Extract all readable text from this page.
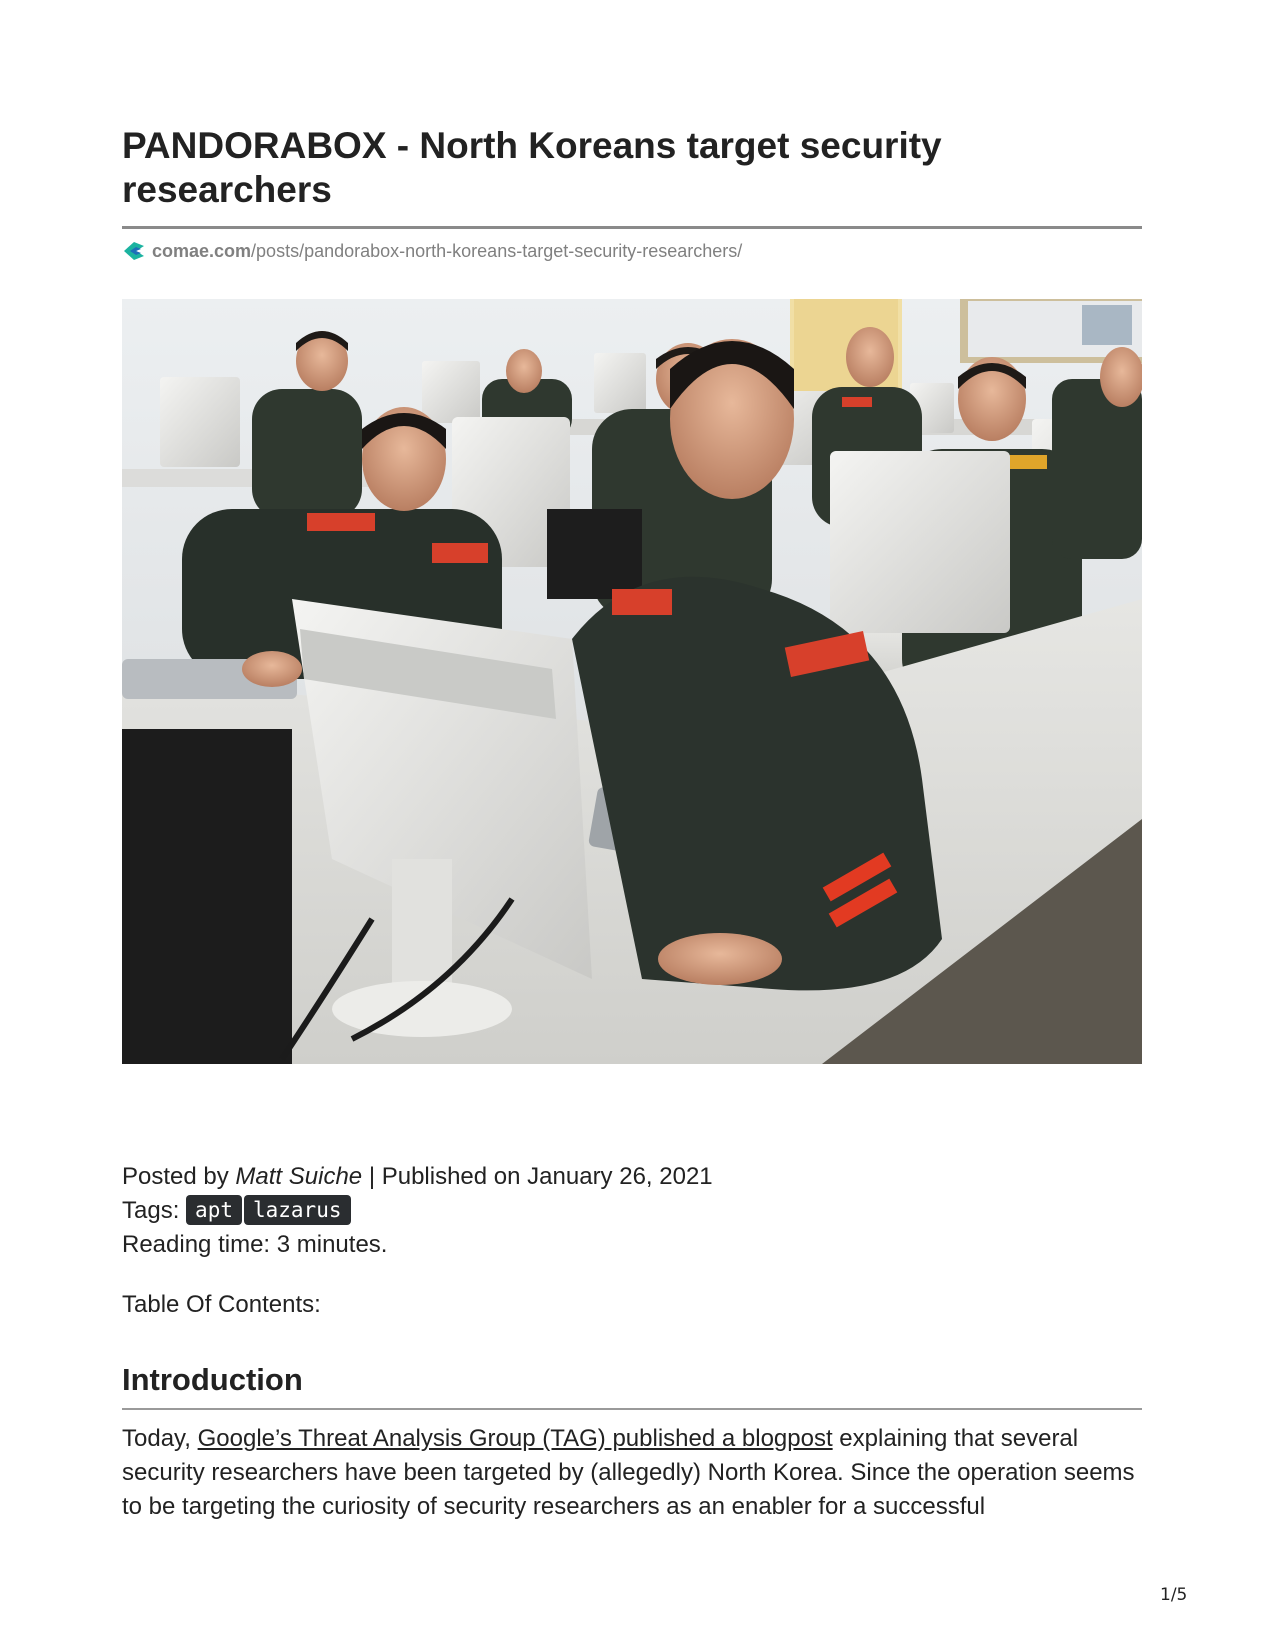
PANDORABOX - North Koreans target security researchers
comae.com /posts/pandorabox-north-koreans-target-security-researchers/
Posted by Matt Suiche | Published on January 26, 2021
Tags: apt lazarus
Reading time: 3 minutes.
Table Of Contents:
Introduction

Today, Google’s Threat Analysis Group (TAG) published a blogpost explaining that several security researchers have been targeted by (allegedly) North Korea. Since the operation seems to be targeting the curiosity of security researchers as an enabler for a successful

1/5
